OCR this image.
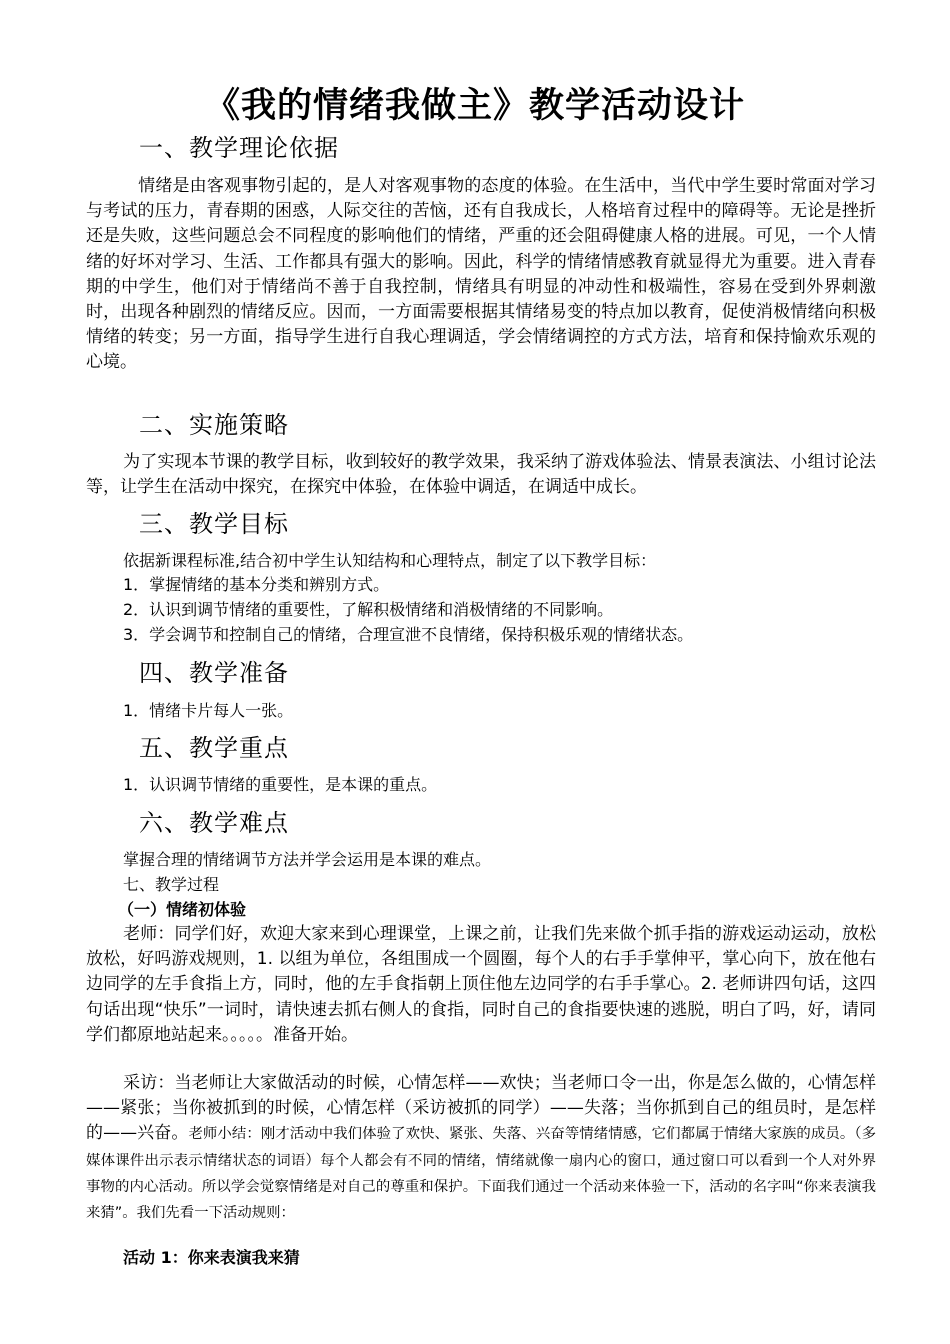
《我的情绪我做主》教学活动设计
一、教学理论依据
情绪是由客观事物引起的，是人对客观事物的态度的体验。在生活中，当代中学生要时常面对学习与考试的压力，青春期的困惑，人际交往的苦恼，还有自我成长，人格培育过程中的障碍等。无论是挫折还是失败，这些问题总会不同程度的影响他们的情绪，严重的还会阻碍健康人格的进展。可见，一个人情绪的好坏对学习、生活、工作都具有强大的影响。因此，科学的情绪情感教育就显得尤为重要。进入青春期的中学生，他们对于情绪尚不善于自我控制，情绪具有明显的冲动性和极端性，容易在受到外界刺激时，出现各种剧烈的情绪反应。因而，一方面需要根据其情绪易变的特点加以教育，促使消极情绪向积极情绪的转变；另一方面，指导学生进行自我心理调适，学会情绪调控的方式方法，培育和保持愉欢乐观的心境。
二、实施策略
为了实现本节课的教学目标，收到较好的教学效果，我采纳了游戏体验法、情景表演法、小组讨论法等，让学生在活动中探究，在探究中体验，在体验中调适，在调适中成长。
三、教学目标
依据新课程标准,结合初中学生认知结构和心理特点，制定了以下教学目标：
1．掌握情绪的基本分类和辨别方式。
2．认识到调节情绪的重要性，了解积极情绪和消极情绪的不同影响。
3．学会调节和控制自己的情绪，合理宣泄不良情绪，保持积极乐观的情绪状态。
四、教学准备
1．情绪卡片每人一张。
五、教学重点
1．认识调节情绪的重要性，是本课的重点。
六、教学难点
掌握合理的情绪调节方法并学会运用是本课的难点。
七、教学过程
（一）情绪初体验
老师：同学们好，欢迎大家来到心理课堂，上课之前，让我们先来做个抓手指的游戏运动运动，放松放松，好吗游戏规则，1. 以组为单位，各组围成一个圆圈，每个人的右手手掌伸平，掌心向下，放在他右边同学的左手食指上方，同时，他的左手食指朝上顶住他左边同学的右手手掌心。2. 老师讲四句话，这四句话出现“快乐”一词时，请快速去抓右侧人的食指，同时自己的食指要快速的逃脱，明白了吗，好，请同学们都原地站起来。。。。。准备开始。
采访：当老师让大家做活动的时候，心情怎样——欢快；当老师口令一出，你是怎么做的，心情怎样——紧张；当你被抓到的时候，心情怎样（采访被抓的同学）——失落；当你抓到自己的组员时，是怎样的——兴奋。老师小结：刚才活动中我们体验了欢快、紧张、失落、兴奋等情绪情感，它们都属于情绪大家族的成员。（多媒体课件出示表示情绪状态的词语）每个人都会有不同的情绪，情绪就像一扇内心的窗口，通过窗口可以看到一个人对外界事物的内心活动。所以学会觉察情绪是对自己的尊重和保护。下面我们通过一个活动来体验一下，活动的名字叫“你来表演我来猜”。我们先看一下活动规则：
活动 1：你来表演我来猜
